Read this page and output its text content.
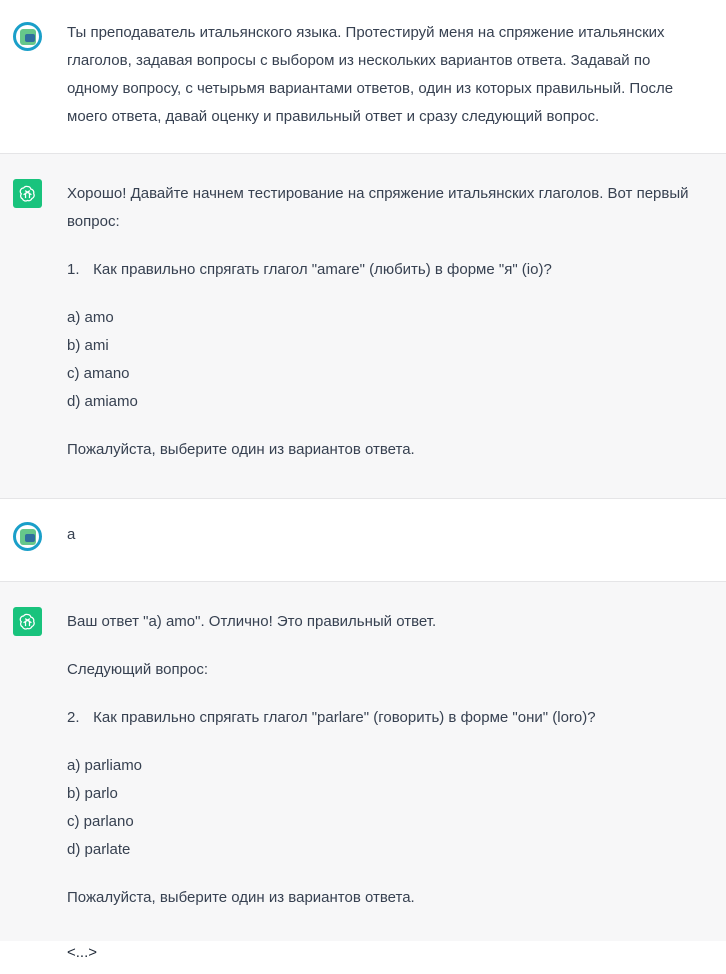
Ты преподаватель итальянского языка. Протестируй меня на спряжение итальянских глаголов, задавая вопросы с выбором из нескольких вариантов ответа. Задавай по одному вопросу, с четырьмя вариантами ответов, один из которых правильный. После моего ответа, давай оценку и правильный ответ и сразу следующий вопрос.

Хорошо! Давайте начнем тестирование на спряжение итальянских глаголов. Вот первый вопрос:

1. Как правильно спрягать глагол "amare" (любить) в форме "я" (io)?

a) amo

b) ami

c) amano

d) amiamo

Пожалуйста, выберите один из вариантов ответа.

a

Ваш ответ "a) amo". Отлично! Это правильный ответ.

Следующий вопрос:

2. Как правильно спрягать глагол "parlare" (говорить) в форме "они" (loro)?

a) parliamo

b) parlo

c) parlano

d) parlate

Пожалуйста, выберите один из вариантов ответа.

<...>
